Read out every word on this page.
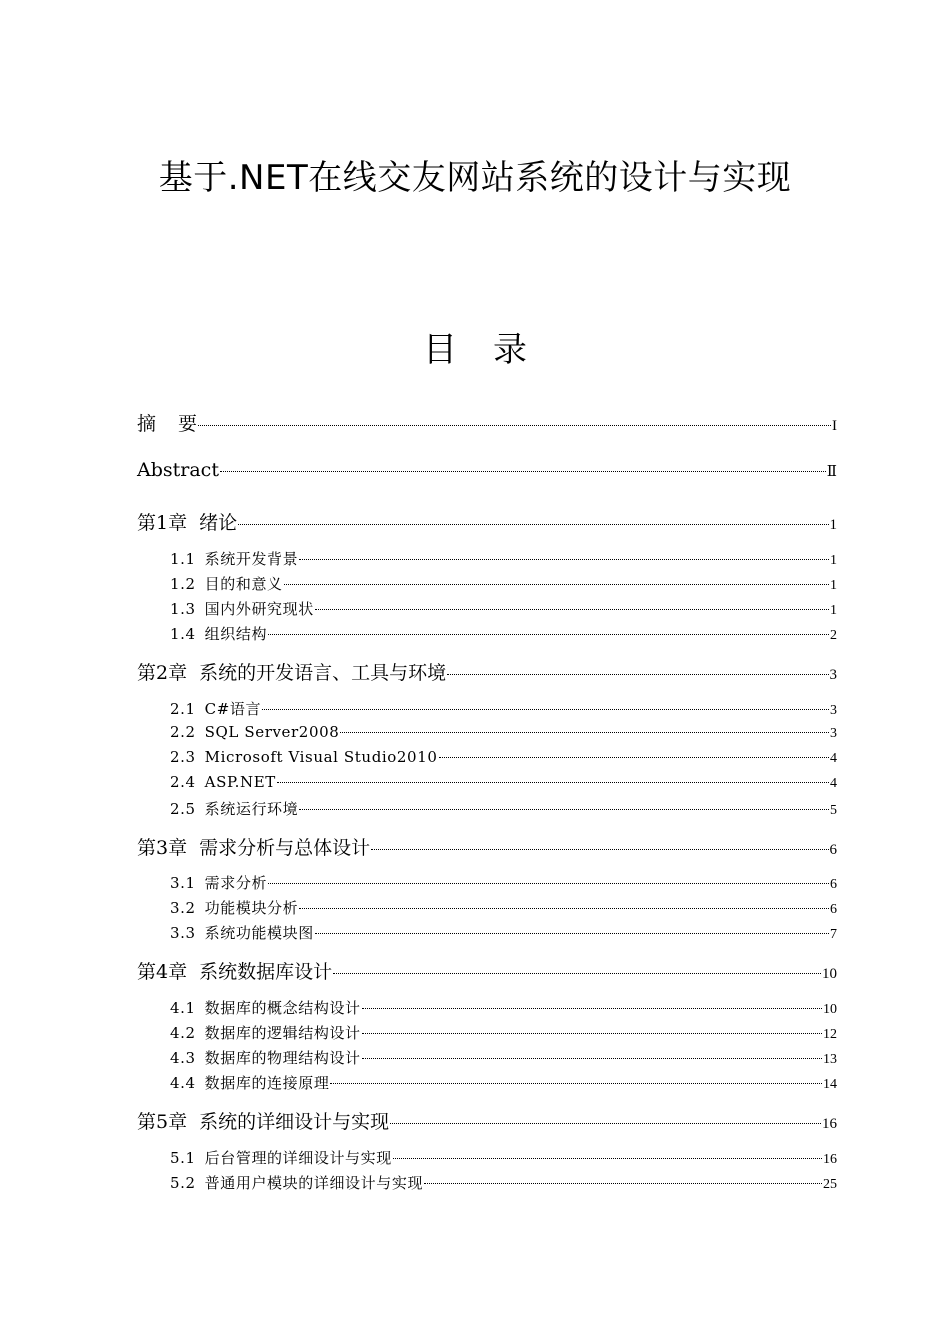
基于.NET在线交友网站系统的设计与实现
目 录
摘 要	I
Abstract	Ⅱ
第1章 绪论	1
1.1 系统开发背景	1
1.2 目的和意义	1
1.3 国内外研究现状	1
1.4 组织结构	2
第2章 系统的开发语言、工具与环境	3
2.1 C#语言	3
2.2 SQL Server2008	3
2.3 Microsoft Visual Studio2010	4
2.4 ASP.NET	4
2.5 系统运行环境	5
第3章 需求分析与总体设计	6
3.1 需求分析	6
3.2 功能模块分析	6
3.3 系统功能模块图	7
第4章 系统数据库设计	10
4.1 数据库的概念结构设计	10
4.2 数据库的逻辑结构设计	12
4.3 数据库的物理结构设计	13
4.4 数据库的连接原理	14
第5章 系统的详细设计与实现	16
5.1 后台管理的详细设计与实现	16
5.2 普通用户模块的详细设计与实现	25
